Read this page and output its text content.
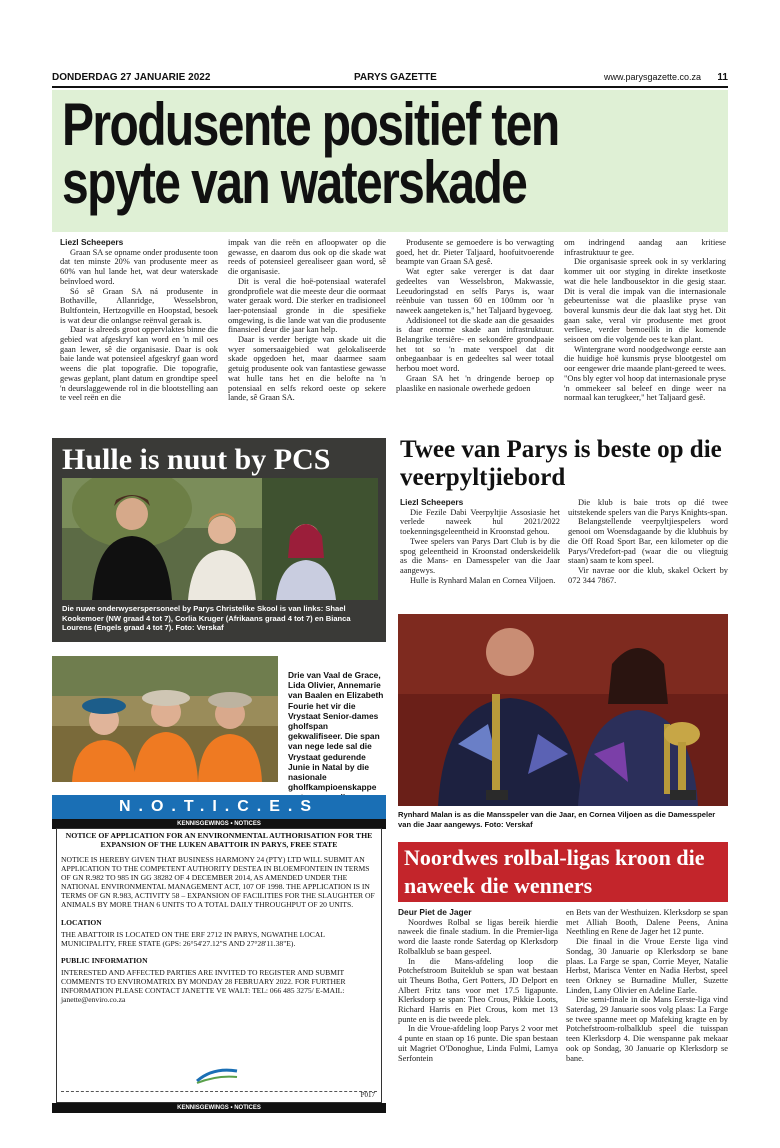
DONDERDAG 27 JANUARIE 2022	PARYS GAZETTE	www.parysgazette.co.za 11
Produsente positief ten
spyte van waterskade

Liezl Scheepers

Graan SA se opname onder produsente toon dat ten minste 20% van produsente meer as 60% van hul lande het, wat deur waterskade beïnvloed word.

Só sê Graan SA ná produsente in Bothaville, Allanridge, Wesselsbron, Bultfontein, Hertzogville en Hoopstad, besoek is wat deur die onlangse reënval geraak is.

Daar is alreeds groot oppervlaktes binne die gebied wat afgeskryf kan word en 'n mil oes gaan lewer, sê die organisasie. Daar is ook baie lande wat potensieel afgeskryf gaan word weens die plat topografie. Die topografie, gewas geplant, plant datum en grondtipe speel 'n deurslaggewende rol in die blootstelling aan te veel reën en die

impak van die reën en afloopwater op die gewasse, en daarom dus ook op die skade wat reeds of potensieel gerealiseer gaan word, sê die organisasie.

Dit is veral die hoë-potensiaal waterafel grondprofiele wat die meeste deur die oormaat water geraak word. Die sterker en tradisioneel laer-potensiaal gronde in die spesifieke omgewing, is die lande wat van die produsente finansieel deur die jaar kan help.

Daar is verder berigte van skade uit die wyer somersaaigebied wat gelokaliseerde skade opgedoen het, maar daarmee saam getuig produsente ook van fantastiese gewasse wat hulle tans het en die belofte na 'n potensiaal en selfs rekord oeste op sekere lande, sê Graan SA.

Produsente se gemoedere is bo verwagting goed, het dr. Pieter Taljaard, hoofuitvoerende beampte van Graan SA gesê.

Wat egter sake vererger is dat daar gedeeltes van Wesselsbron, Makwassie, Leeudoringstad en selfs Parys is, waar reënbuie van tussen 60 en 100mm oor 'n naweek aangeteken is," het Taljaard bygevoeg.

Addisioneel tot die skade aan die gesaaides is daar enorme skade aan infrastruktuur. Belangrike tersiêre- en sekondêre grondpaaie het tot so 'n mate verspoel dat dit onbegaanbaar is en gedeeltes sal weer totaal herbou moet word.

Graan SA het 'n dringende beroep op plaaslike en nasionale owerhede gedoen

om indringend aandag aan kritiese infrastruktuur te gee.

Die organisasie spreek ook in sy verklaring kommer uit oor styging in direkte insetkoste wat die hele landbousektor in die gesig staar. Dit is veral die impak van die internasionale gebeurtenisse wat die plaaslike pryse van boveral kunsmis deur die dak laat styg het. Dit gaan sake, veral vir produsente met groot verliese, verder bemoeilik in die komende seisoen om die volgende oes te kan plant.

Wintergrane word noodgedwonge eerste aan die huidige hoë kunsmis pryse blootgestel om oor eengewer drie maande plant-gereed te wees. "Ons bly egter vol hoop dat internasionale pryse 'n ommekeer sal beleef en dinge weer na normaal kan terugkeer," het Taljaard gesê.

Hulle is nuut by PCS
Die nuwe onderwyserspersoneel by Parys Christelike Skool is van links: Shael Kookemoer (NW graad 4 tot 7), Corlia Kruger (Afrikaans graad 4 tot 7) en Bianca Lourens (Engels graad 4 tot 7). Foto: Verskaf
Drie van Vaal de Grace, Lida Olivier, Annemarie van Baalen en Elizabeth Fourie het vir die Vrystaat Senior-dames gholfspan gekwalifiseer. Die span van nege lede sal die Vrystaat gedurende Junie in Natal by die nasionale gholfkampioenskappe
N.O.T.I.C.E.S
KENNISGEWINGS • NOTICES
NOTICE OF APPLICATION FOR AN ENVIRONMENTAL AUTHORISATION FOR THE EXPANSION OF THE LUKEN ABATTOIR IN PARYS, FREE STATE

NOTICE IS HEREBY GIVEN THAT BUSINESS HARMONY 24 (PTY) LTD WILL SUBMIT AN APPLICATION TO THE COMPETENT AUTHORITY DESTEA IN BLOEMFONTEIN IN TERMS OF GN R.982 TO 985 IN GG 38282 OF 4 DECEMBER 2014, AS AMENDED UNDER THE NATIONAL ENVIRONMENTAL MANAGEMENT ACT, 107 OF 1998. THE APPLICATION IS IN TERMS OF GN R.983, ACTIVITY 58 – EXPANSION OF FACILITIES FOR THE SLAUGHTER OF ANIMALS BY MORE THAN 6 UNITS TO A TOTAL DAILY THROUGHPUT OF 20 UNITS.

LOCATION

THE ABATTOIR IS LOCATED ON THE ERF 2712 IN PARYS, NGWATHE LOCAL MUNICIPALITY, FREE STATE (GPS: 26°54'27.12"S AND 27°28'11.38"E).

PUBLIC INFORMATION

INTERESTED AND AFFECTED PARTIES ARE INVITED TO REGISTER AND SUBMIT COMMENTS TO ENVIROMATRIX BY MONDAY 28 FEBRUARY 2022. FOR FURTHER INFORMATION PLEASE CONTACT JANETTE VE WALT: TEL: 066 485 3275/ E-MAIL: janette@enviro.co.za

P017
KENNISGEWINGS • NOTICES
Twee van Parys is beste op die veerpyltjiebord

Liezl Scheepers

Die Fezile Dabi Veerpyltjie Assosiasie het verlede naweek hul 2021/2022 toekenningsgeleentheid in Kroonstad gehou.

Twee spelers van Parys Dart Club is by die spog geleentheid in Kroonstad onderskeidelik as die Mans- en Damesspeler van die Jaar aangewys.

Hulle is Rynhard Malan en Cornea Viljoen.

Die klub is baie trots op dié twee uitstekende spelers van die Parys Knights-span.

Belangstellende veerpyltjiespelers word genooi om Woensdagaande by die klubhuis by die Off Road Sport Bar, een kilometer op die Parys/Vredefort-pad (waar die ou vliegtuig staan) saam te kom speel.

Vir navrae oor die klub, skakel Ockert by 072 344 7867.

Rynhard Malan is as die Mansspeler van die Jaar, en Cornea Viljoen as die Damesspeler van die Jaar aangewys. Foto: Verskaf
Noordwes rolbal-ligas kroon die naweek die wenners

Deur Piet de Jager

Noordwes Rolbal se ligas bereik hierdie naweek die finale stadium. In die Premier-liga word die laaste ronde Saterdag op Klerksdorp Rolbalklub se baan gespeel.

In die Mans-afdeling loop die Potchefstroom Buiteklub se span wat bestaan uit Theuns Botha, Gert Potters, JD Delport en Albert Fritz tans voor met 17.5 ligapunte. Klerksdorp se span: Theo Crous, Pikkie Loots, Richard Harris en Piet Crous, kom met 13 punte en is die tweede plek.

In die Vroue-afdeling loop Parys 2 voor met 4 punte en staan op 16 punte. Die span bestaan uit Magriet O'Donoghue, Linda Fulmi, Lamya Serfontein

en Bets van der Westhuizen. Klerksdorp se span met Alliah Booth, Dalene Peens, Anina Neethling en Rene de Jager het 12 punte.

Die finaal in die Vroue Eerste liga vind Sondag, 30 Januarie op Klerksdorp se bane plaas. La Farge se span, Corrie Meyer, Natalie Herbst, Marisca Venter en Nadia Herbst, speel teen Orkney se Burnadine Muller, Suzette Linden, Lany Olivier en Adeline Earle.

Die semi-finale in die Mans Eerste-liga vind Saterdag, 29 Januarie soos volg plaas: La Farge se twee spanne meet op Mafeking kragte en by Potchefstroom-rolbalklub speel die tuisspan teen Klerksdorp 4. Die wenspanne pak mekaar ook op Sondag, 30 Januarie op Klerksdorp se bane.
